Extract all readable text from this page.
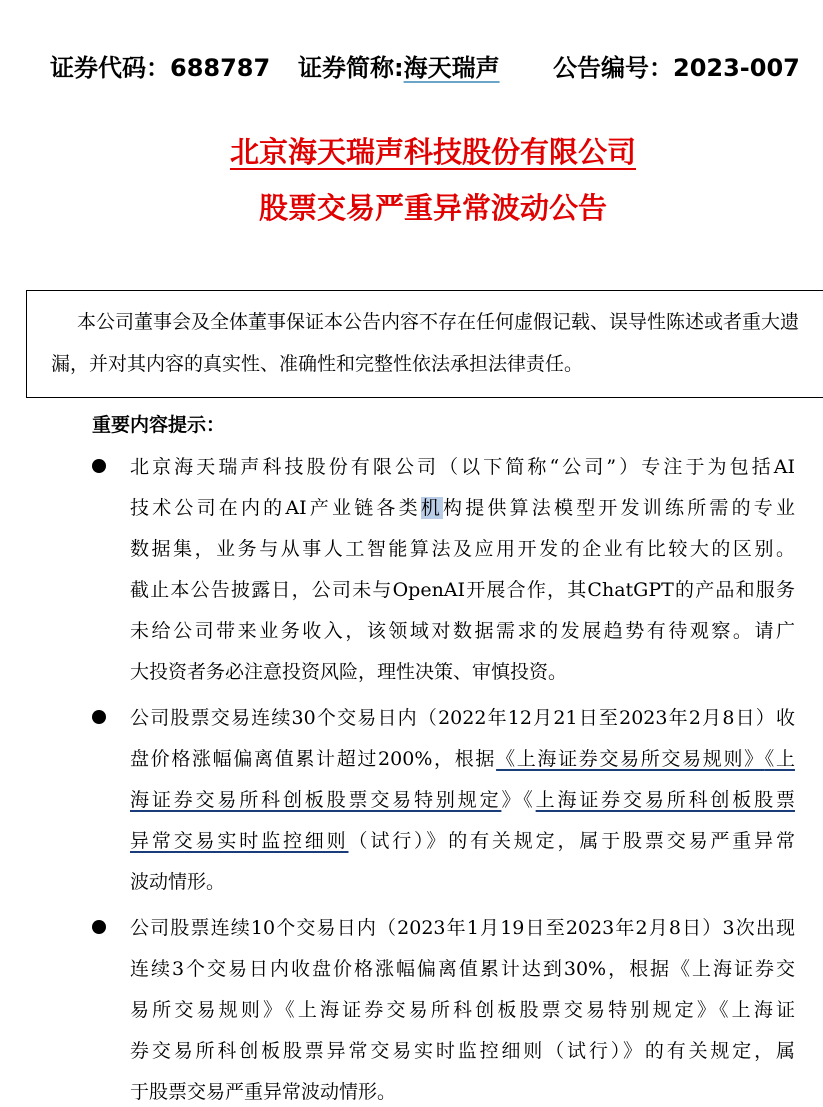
证券代码：688787 证券简称:海天瑞声 公告编号：2023-007
北京海天瑞声科技股份有限公司
股票交易严重异常波动公告
本公司董事会及全体董事保证本公告内容不存在任何虚假记载、误导性陈述或者重大遗
漏，并对其内容的真实性、准确性和完整性依法承担法律责任。
重要内容提示：
北京海天瑞声科技股份有限公司（以下简称“公司”）专注于为包括AI
技术公司在内的AI产业链各类机构提供算法模型开发训练所需的专业
数据集，业务与从事人工智能算法及应用开发的企业有比较大的区别。
截止本公告披露日，公司未与OpenAI开展合作，其ChatGPT的产品和服务
未给公司带来业务收入，该领域对数据需求的发展趋势有待观察。请广
大投资者务必注意投资风险，理性决策、审慎投资。
公司股票交易连续30个交易日内（2022年12月21日至2023年2月8日）收
盘价格涨幅偏离值累计超过200%，根据《上海证券交易所交易规则》《上
海证券交易所科创板股票交易特别规定》《上海证券交易所科创板股票
异常交易实时监控细则（试行）》的有关规定，属于股票交易严重异常
波动情形。
公司股票连续10个交易日内（2023年1月19日至2023年2月8日）3次出现
连续3个交易日内收盘价格涨幅偏离值累计达到30%，根据《上海证券交
易所交易规则》《上海证券交易所科创板股票交易特别规定》《上海证
券交易所科创板股票异常交易实时监控细则（试行）》的有关规定，属
于股票交易严重异常波动情形。
